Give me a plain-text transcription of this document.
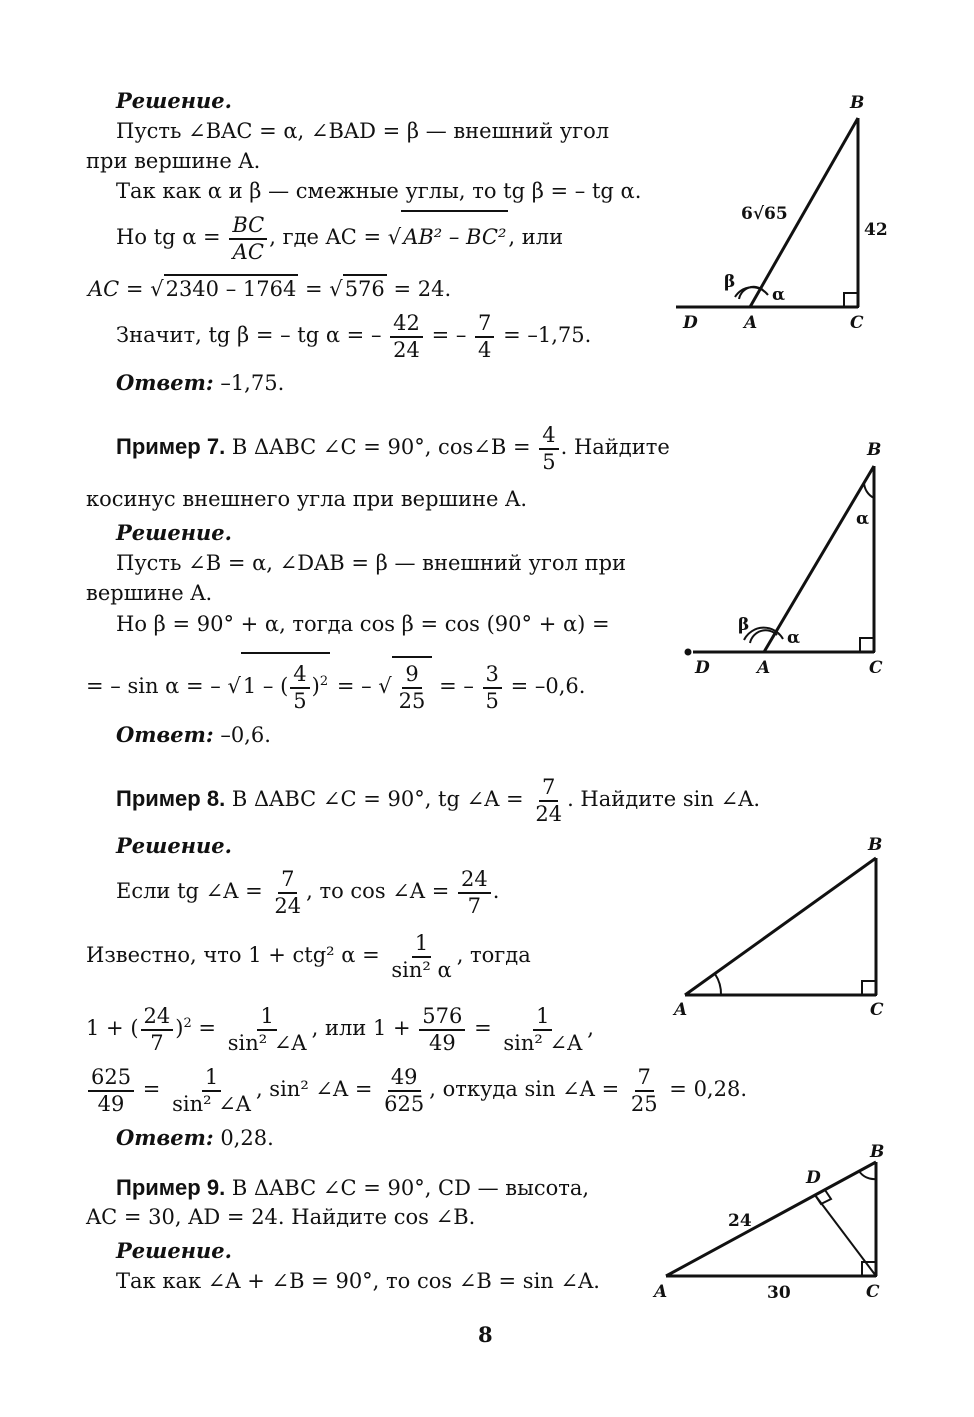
Решение.
Пусть ∠BAC = α, ∠BAD = β — внешний угол
при вершине A.
Так как α и β — смежные углы, то tg β = – tg α.
Но tg $\alpha = \frac{BC}{AC}$ , где AC = √AB² – BC², или
AC = √2340 – 1764 = √576 = 24.
Значит, tg β = – tg α = – $\frac{42}{24}$ = – $\frac{7}{4} = -1,75$.
Ответ: –1,75.
B
D	A	C
6√65
42
α
β
Пример 7. В ΔABC ∠C = 90°, cos∠B = $\frac{4}{5}$ . Найдите
косинус внешнего угла при вершине A.
Решение.
Пусть ∠B = α, ∠DAB = β — внешний угол при
вершине A.
Но β = 90° + α, тогда cos β = cos (90° + α) =
= – sin α = – √1 – ( $\frac{4}{5} )^2$ = – √ $\frac{9}{25}$ = – $\frac{3}{5} = -0,6$.
Ответ: –0,6.
B
D	A	C
α
α
β
Пример 8. В ΔABC ∠C = 90°, tg ∠A = $\frac{7}{24}$ . Найдите sin ∠A.
Решение.
Если tg ∠A = $\frac{7}{24}$ , то cos ∠A = $\frac{24}{7}$ .
Известно, что 1 + ctg² $\alpha = \frac{1}{\text{sin² α}}$ , тогда
1 + ( $\frac{24}{7} )^2 = \frac{1}{\text{sin² ∠A}}$ , или $1 + \frac{576}{49} = \frac{1}{\text{sin² ∠A}}$ ,
$\frac{625}{49} = \frac{1}{\text{sin² ∠A}}$ , sin² ∠A = $\frac{49}{625}$ , откуда sin ∠A = $\frac{7}{25} = 0,28$.
Ответ: 0,28.
B
A	C
Пример 9. В ΔABC ∠C = 90°, CD — высота,
AC = 30, AD = 24. Найдите cos ∠B.
Решение.
Так как ∠A + ∠B = 90°, то cos ∠B = sin ∠A.
B
D
A	C
24
30
8
